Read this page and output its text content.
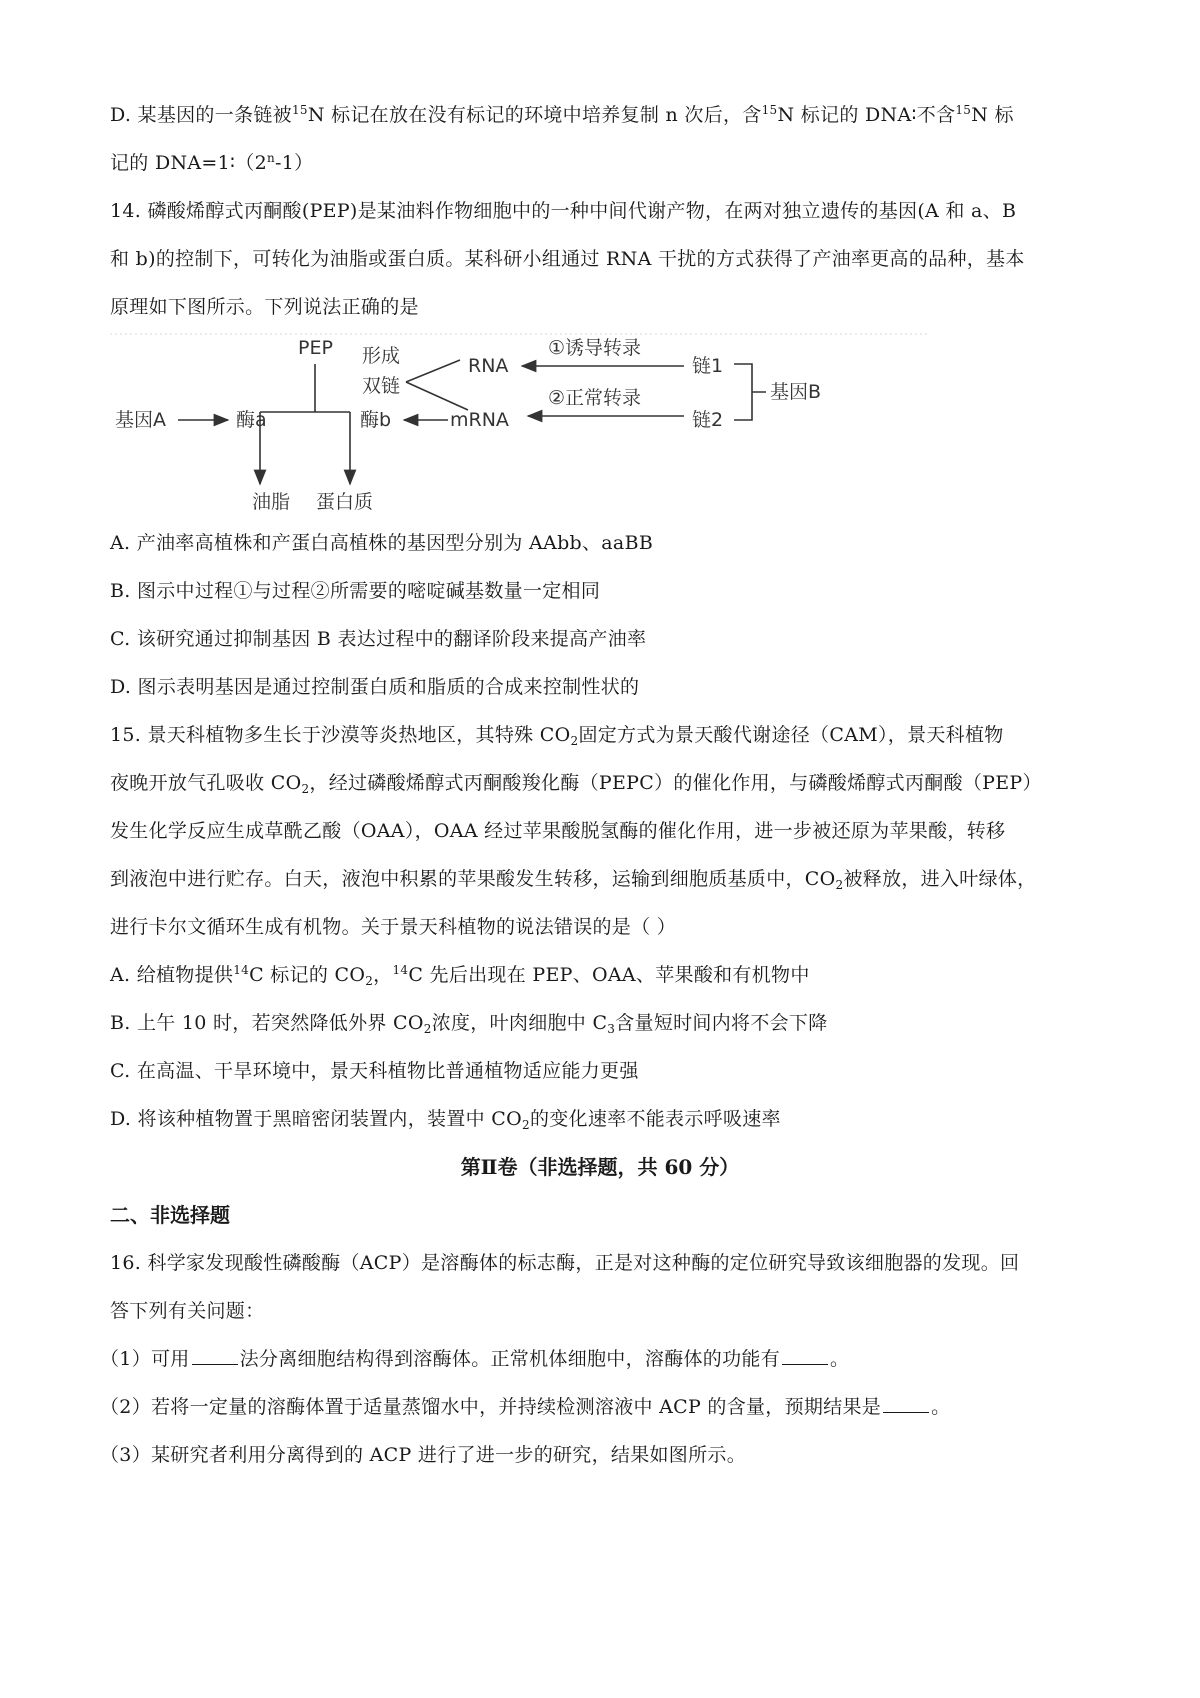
D. 某基因的一条链被$^{15}$N 标记在放在没有标记的环境中培养复制 n 次后，含$^{15}$N 标记的 DNA∶不含$^{15}$N 标
记的 $DNA=1∶(2^n-1)$
14. 磷酸烯醇式丙酮酸(PEP)是某油料作物细胞中的一种中间代谢产物，在两对独立遗传的基因(A 和 a、B
和 b)的控制下，可转化为油脂或蛋白质。某科研小组通过 RNA 干扰的方式获得了产油率更高的品种，基本
原理如下图所示。下列说法正确的是
PEP
基因A	酶a
油脂 蛋白质
形成
双链
酶b
RNA
mRNA
①诱导转录
②正常转录
链1
链2
基因B
A. 产油率高植株和产蛋白高植株的基因型分别为 AAbb、aaBB
B. 图示中过程①与过程②所需要的嘧啶碱基数量一定相同
C. 该研究通过抑制基因 B 表达过程中的翻译阶段来提高产油率
D. 图示表明基因是通过控制蛋白质和脂质的合成来控制性状的
15. 景天科植物多生长于沙漠等炎热地区，其特殊 $CO_2$固定方式为景天酸代谢途径（CAM），景天科植物
夜晚开放气孔吸收 $CO_2$，经过磷酸烯醇式丙酮酸羧化酶（PEPC）的催化作用，与磷酸烯醇式丙酮酸（PEP）
发生化学反应生成草酰乙酸（OAA），OAA 经过苹果酸脱氢酶的催化作用，进一步被还原为苹果酸，转移
到液泡中进行贮存。白天，液泡中积累的苹果酸发生转移，运输到细胞质基质中，$CO_2$被释放，进入叶绿体，
进行卡尔文循环生成有机物。关于景天科植物的说法错误的是（ ）
A. 给植物提供$^{14}$C 标记的 $CO_2$，$^{14}$C 先后出现在 PEP、OAA、苹果酸和有机物中
B. 上午 10 时，若突然降低外界 $CO_2$浓度，叶肉细胞中 $C_3$含量短时间内将不会下降
C. 在高温、干旱环境中，景天科植物比普通植物适应能力更强
D. 将该种植物置于黑暗密闭装置内，装置中 $CO_2$的变化速率不能表示呼吸速率
第Ⅱ卷（非选择题，共 60 分）
二、非选择题
16. 科学家发现酸性磷酸酶（ACP）是溶酶体的标志酶，正是对这种酶的定位研究导致该细胞器的发现。回
答下列有关问题：
（1）可用	法分离细胞结构得到溶酶体。正常机体细胞中，溶酶体的功能有	。
（2）若将一定量的溶酶体置于适量蒸馏水中，并持续检测溶液中 ACP 的含量，预期结果是	。
（3）某研究者利用分离得到的 ACP 进行了进一步的研究，结果如图所示。
